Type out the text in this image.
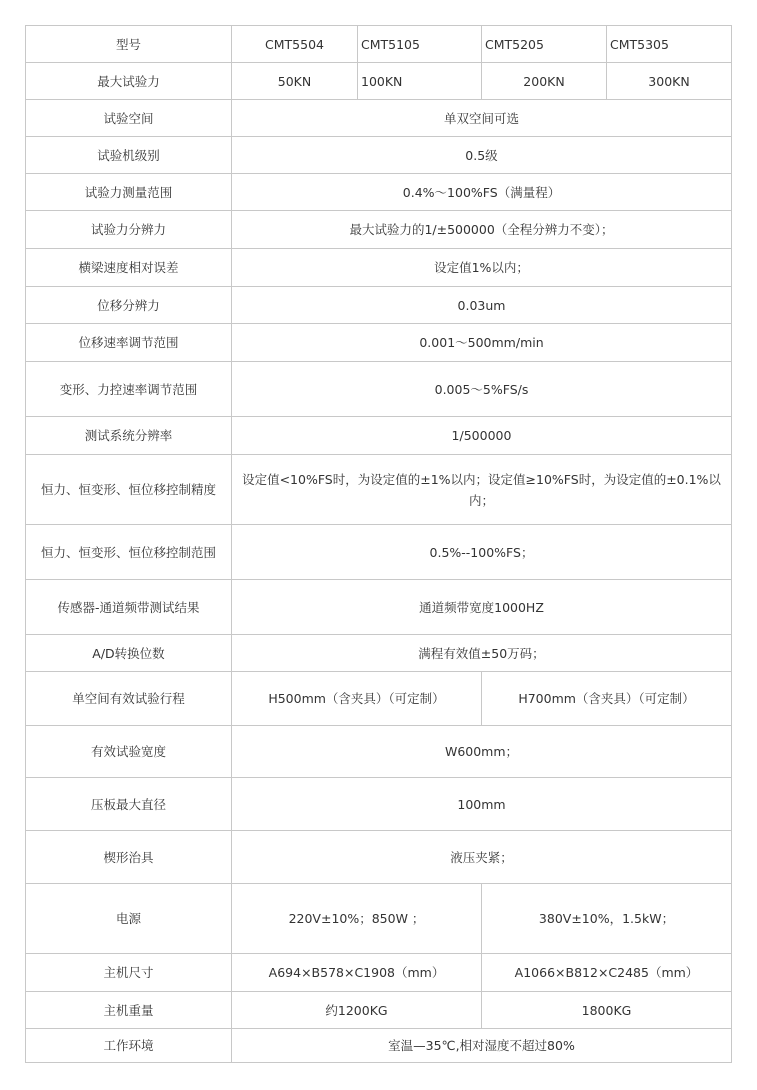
型号	CMT5504	CMT5105	CMT5205	CMT5305
最大试验力	50KN	100KN	200KN	300KN
试验空间	单双空间可选			
试验机级别	0.5级			
试验力测量范围	0.4%～100%FS（满量程）			
试验力分辨力	最大试验力的1/±500000（全程分辨力不变）；			
横梁速度相对误差	设定值1%以内；			
位移分辨力	0.03um			
位移速率调节范围	0.001～500mm/min			
变形、力控速率调节范围	0.005～5%FS/s			
测试系统分辨率	1/500000			
恒力、恒变形、恒位移控制精度	设定值<10%FS时，为设定值的±1%以内；设定值≥10%FS时，为设定值的±0.1%以内；			
恒力、恒变形、恒位移控制范围	0.5%--100%FS；			
传感器-通道频带测试结果	通道频带宽度1000HZ			
A/D转换位数	满程有效值±50万码；			
单空间有效试验行程	H500mm（含夹具）（可定制）		H700mm（含夹具）（可定制）	
有效试验宽度	W600mm；			
压板最大直径	100mm			
楔形治具	液压夹紧；			
电源	220V±10%；850W ；		380V±10%，1.5kW；	
主机尺寸	A694×B578×C1908（mm）		A1066×B812×C2485（mm）	
主机重量	约1200KG		1800KG	
工作环境	室温—35℃,相对湿度不超过80%			
